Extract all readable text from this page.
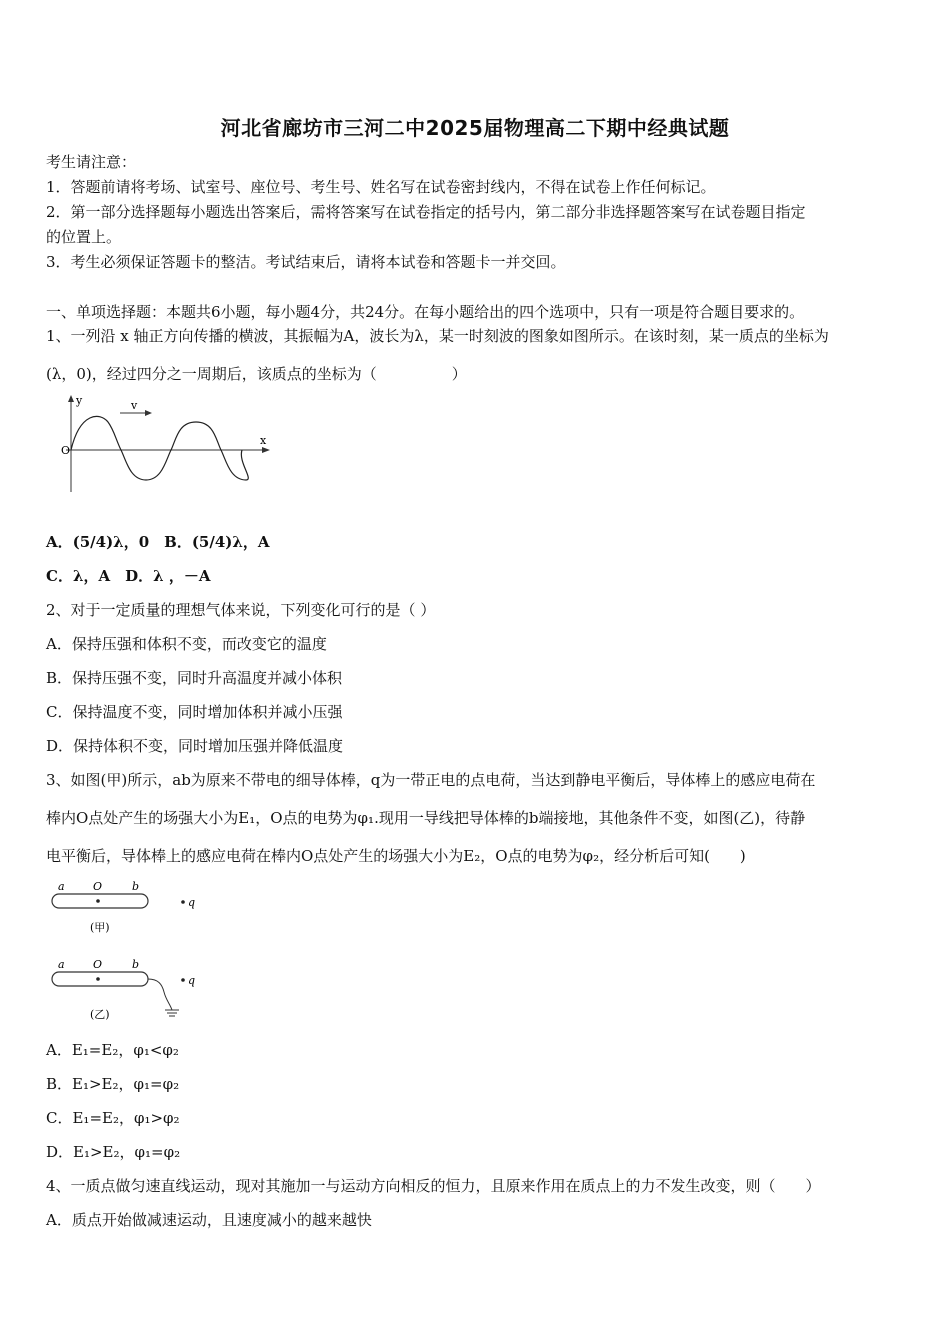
河北省廊坊市三河二中2025届物理高二下期中经典试题
考生请注意：
1．答题前请将考场、试室号、座位号、考生号、姓名写在试卷密封线内，不得在试卷上作任何标记。
2．第一部分选择题每小题选出答案后，需将答案写在试卷指定的括号内，第二部分非选择题答案写在试卷题目指定
的位置上。
3．考生必须保证答题卡的整洁。考试结束后，请将本试卷和答题卡一并交回。
一、单项选择题：本题共6小题，每小题4分，共24分。在每小题给出的四个选项中，只有一项是符合题目要求的。
1、一列沿 x 轴正方向传播的横波，其振幅为A，波长为λ，某一时刻波的图象如图所示。在该时刻，某一质点的坐标为
(λ，0)，经过四分之一周期后，该质点的坐标为（　　　　　）
y
x
O
v
A．(5/4)λ，0　B．(5/4)λ，A
C．λ，A　D．λ ，－A
2、对于一定质量的理想气体来说，下列变化可行的是（ ）
A．保持压强和体积不变，而改变它的温度
B．保持压强不变，同时升高温度并减小体积
C．保持温度不变，同时增加体积并减小压强
D．保持体积不变，同时增加压强并降低温度
3、如图(甲)所示，ab为原来不带电的细导体棒，q为一带正电的点电荷，当达到静电平衡后，导体棒上的感应电荷在
棒内O点处产生的场强大小为E₁，O点的电势为φ₁.现用一导线把导体棒的b端接地，其他条件不变，如图(乙)，待静
电平衡后，导体棒上的感应电荷在棒内O点处产生的场强大小为E₂，O点的电势为φ₂，经分析后可知(　　)
a	O	b
q
(甲)
a	O	b
q
(乙)
A．E₁=E₂，φ₁<φ₂
B．E₁>E₂，φ₁=φ₂
C．E₁=E₂，φ₁>φ₂
D．E₁>E₂，φ₁=φ₂
4、一质点做匀速直线运动，现对其施加一与运动方向相反的恒力，且原来作用在质点上的力不发生改变，则（　　）
A．质点开始做减速运动，且速度减小的越来越快
